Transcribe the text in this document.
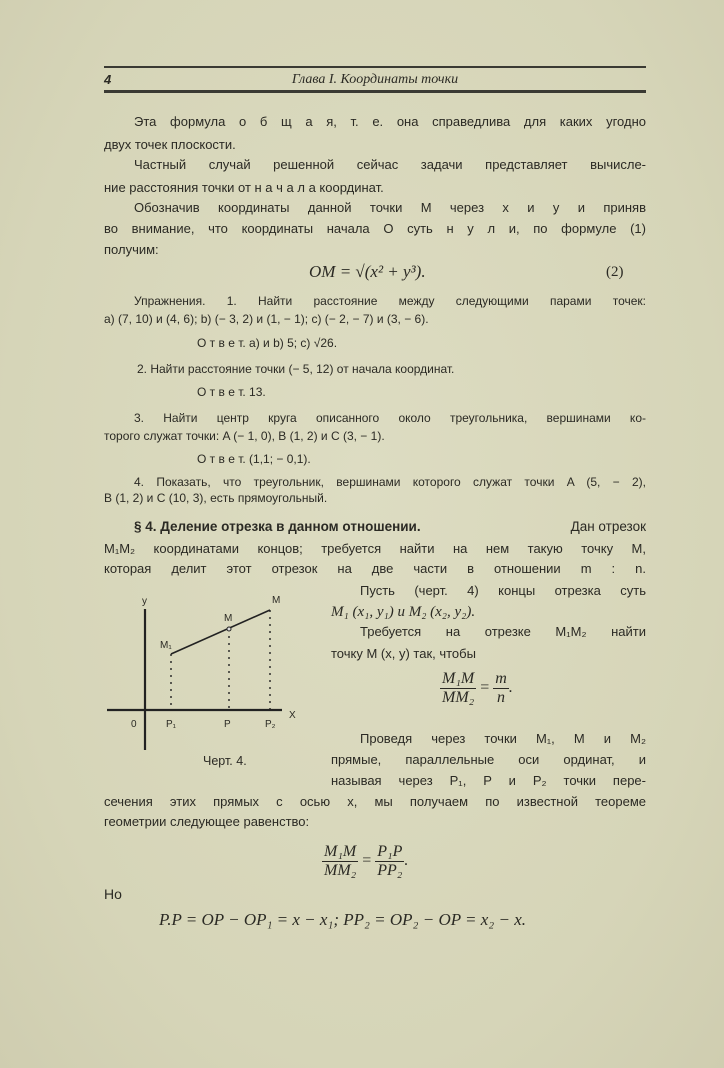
4	Глава I. Координаты точки
Эта формула о б щ а я, т. е. она справедлива для каких угодно
двух точек плоскости.
Частный случай решенной сейчас задачи представляет вычисле-
ние расстояния точки от н а ч а л а координат.
Обозначив координаты данной точки M через x и y и приняв
во внимание, что координаты начала O суть н у л и, по формуле (1)
получим:
OM = √(x² + y³).	(2)
Упражнения. 1. Найти расстояние между следующими парами точек:
a) (7, 10) и (4, 6); b) (− 3, 2) и (1, − 1); c) (− 2, − 7) и (3, − 6).
О т в е т. a) и b) 5; c) √26.
2. Найти расстояние точки (− 5, 12) от начала координат.
О т в е т. 13.
3. Найти центр круга описанного около треугольника, вершинами ко-
торого служат точки: A (− 1, 0), B (1, 2) и C (3, − 1).
О т в е т. (1,1; − 0,1).
4. Показать, что треугольник, вершинами которого служат точки A (5, − 2),
B (1, 2) и C (10, 3), есть прямоугольный.
§ 4. Деление отрезка в данном отношении.	Дан отрезок
M₁M₂ координатами концов; требуется найти на нем такую точку M,
которая делит этот отрезок на две части в отношении m : n.
y
X
0
M₁
M
M
P₁	P	P₂
Черт. 4.
Пусть (черт. 4) концы отрезка суть
M₁ (x₁, y₁) и M₂ (x₂, y₂).
Требуется на отрезке M₁M₂ найти
точку M (x, y) так, чтобы
$\frac{\text{M₁M}}{\text{MM₂}} = \frac{m}{n}$ .
Проведя через точки M₁, M и M₂
прямые, параллельные оси ординат, и
называя через P₁, P и P₂ точки пере-
сечения этих прямых с осью x, мы получаем по известной теореме
геометрии следующее равенство:
$\frac{\text{M₁M}}{\text{MM₂}} = \frac{\text{P₁P}}{\text{PP₂}}$ .
Но
P.P = OP − OP₁ = x − x₁; PP₂ = OP₂ − OP = x₂ − x.
